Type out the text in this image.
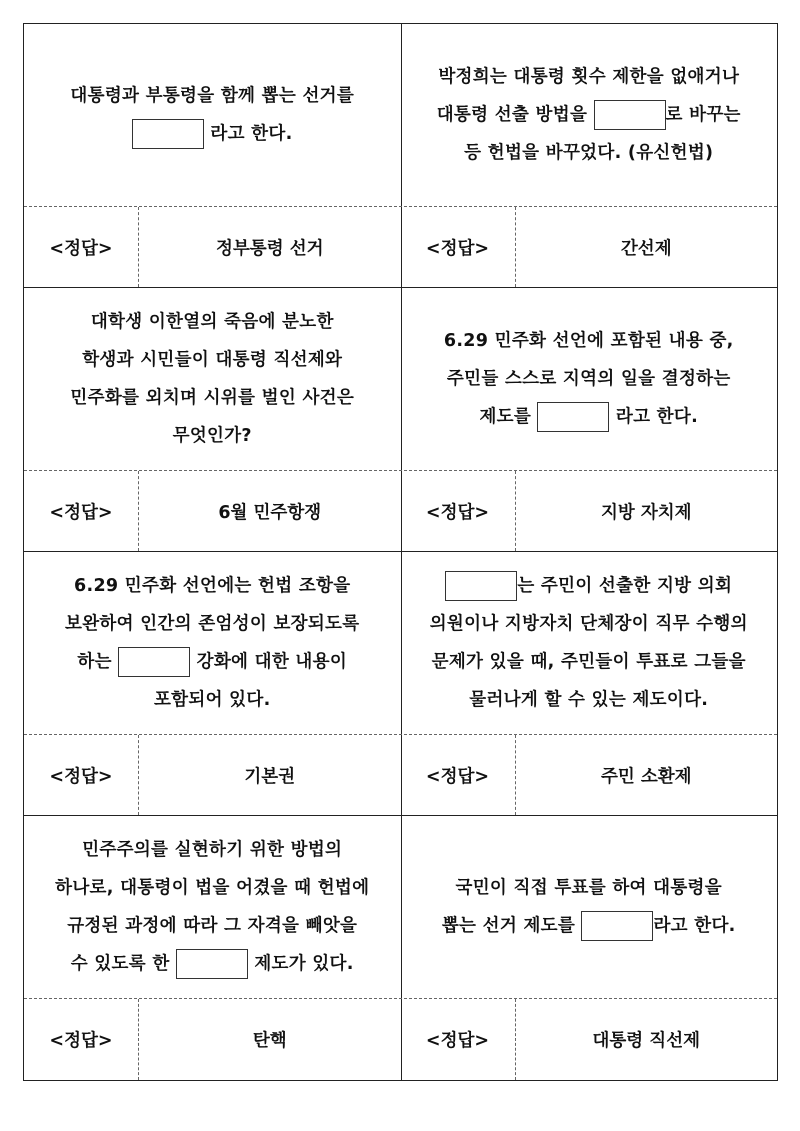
대통령과 부통령을 함께 뽑는 선거를
라고 한다.
박정희는 대통령 횟수 제한을 없애거나
대통령 선출 방법을	로 바꾸는
등 헌법을 바꾸었다. (유신헌법)
<정답>	정부통령 선거	<정답>	간선제
대학생 이한열의 죽음에 분노한
학생과 시민들이 대통령 직선제와
민주화를 외치며 시위를 벌인 사건은
무엇인가?
6.29 민주화 선언에 포함된 내용 중,
주민들 스스로 지역의 일을 결정하는
제도를	라고 한다.
<정답>	6월 민주항쟁	<정답>	지방 자치제
6.29 민주화 선언에는 헌법 조항을
보완하여 인간의 존엄성이 보장되도록
하는	강화에 대한 내용이
포함되어 있다.
는 주민이 선출한 지방 의회
의원이나 지방자치 단체장이 직무 수행의
문제가 있을 때, 주민들이 투표로 그들을
물러나게 할 수 있는 제도이다.
<정답>	기본권	<정답>	주민 소환제
민주주의를 실현하기 위한 방법의
하나로, 대통령이 법을 어겼을 때 헌법에
규정된 과정에 따라 그 자격을 빼앗을
수 있도록 한	제도가 있다.
국민이 직접 투표를 하여 대통령을
뽑는 선거 제도를	라고 한다.
<정답>	탄핵	<정답>	대통령 직선제
